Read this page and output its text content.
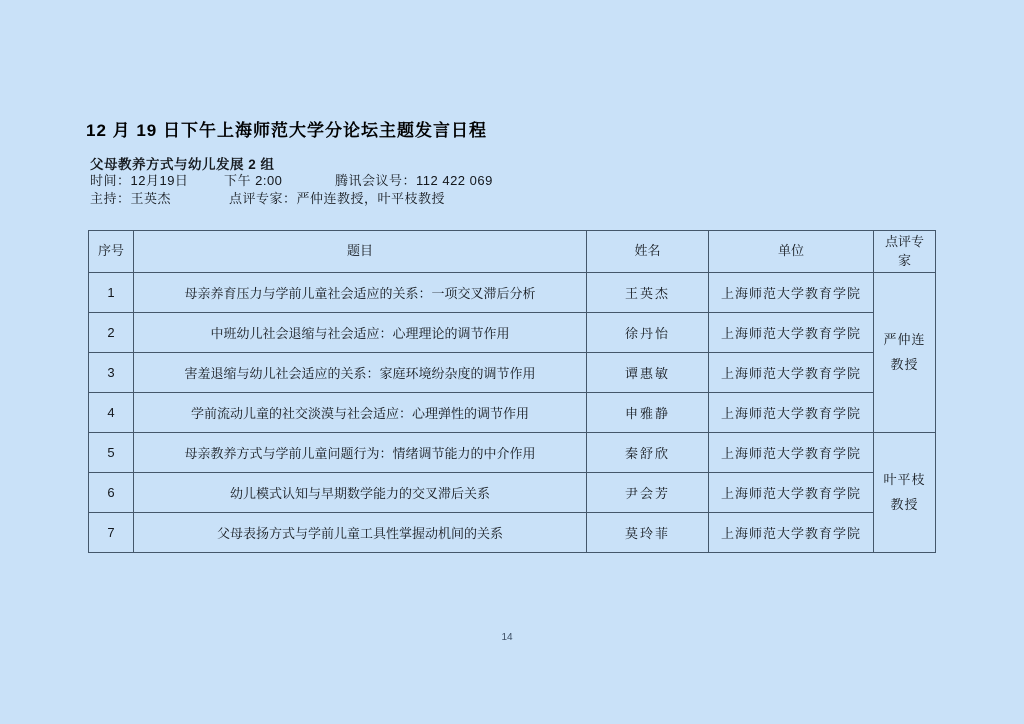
12 月 19 日下午上海师范大学分论坛主题发言日程
父母教养方式与幼儿发展 2 组
时间：12月19日	下午 2:00	腾讯会议号：112 422 069
主持：王英杰	点评专家：严仲连教授，叶平枝教授
序号	题目	姓名	单位	点评专家
1	母亲养育压力与学前儿童社会适应的关系：一项交叉滞后分析	王英杰	上海师范大学教育学院	严仲连教授
2	中班幼儿社会退缩与社会适应：心理理论的调节作用	徐丹怡	上海师范大学教育学院	
3	害羞退缩与幼儿社会适应的关系：家庭环境纷杂度的调节作用	谭惠敏	上海师范大学教育学院	
4	学前流动儿童的社交淡漠与社会适应：心理弹性的调节作用	申雅静	上海师范大学教育学院	
5	母亲教养方式与学前儿童问题行为：情绪调节能力的中介作用	秦舒欣	上海师范大学教育学院	叶平枝教授
6	幼儿模式认知与早期数学能力的交叉滞后关系	尹会芳	上海师范大学教育学院	
7	父母表扬方式与学前儿童工具性掌握动机间的关系	莫玲菲	上海师范大学教育学院	
14
